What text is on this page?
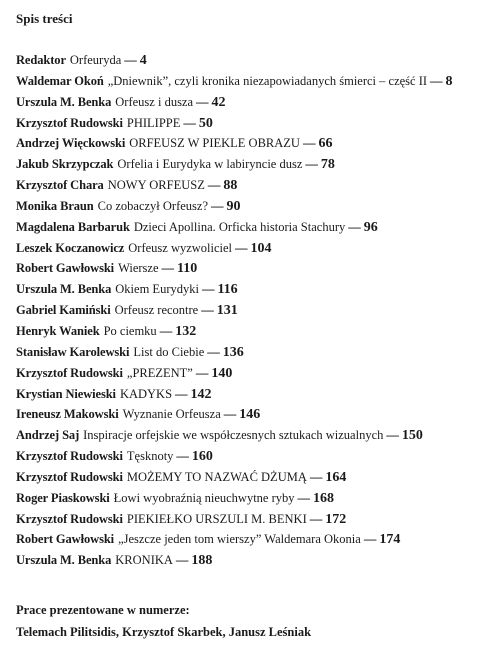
Spis treści
Redaktor Orfeuryda — 4
Waldemar Okoń „Dniewnik”, czyli kronika niezapowiadanych śmierci – część II — 8
Urszula M. Benka Orfeusz i dusza — 42
Krzysztof Rudowski PHILIPPE — 50
Andrzej Więckowski ORFEUSZ W PIEKLE OBRAZU — 66
Jakub Skrzypczak Orfelia i Eurydyka w labiryncie dusz — 78
Krzysztof Chara NOWY ORFEUSZ — 88
Monika Braun Co zobaczył Orfeusz? — 90
Magdalena Barbaruk Dzieci Apollina. Orficka historia Stachury — 96
Leszek Koczanowicz Orfeusz wyzwoliciel — 104
Robert Gawłowski Wiersze — 110
Urszula M. Benka Okiem Eurydyki — 116
Gabriel Kamiński Orfeusz recontre — 131
Henryk Waniek Po ciemku — 132
Stanisław Karolewski List do Ciebie — 136
Krzysztof Rudowski „PREZENT” — 140
Krystian Niewieski KADYKS — 142
Ireneusz Makowski Wyznanie Orfeusza — 146
Andrzej Saj Inspiracje orfejskie we współczesnych sztukach wizualnych — 150
Krzysztof Rudowski Tęsknoty — 160
Krzysztof Rudowski MOŻEMY TO NAZWAĆ DŻUMĄ — 164
Roger Piaskowski Łowi wyobraźnią nieuchwytne ryby — 168
Krzysztof Rudowski PIEKIEŁKO URSZULI M. BENKI — 172
Robert Gawłowski „Jeszcze jeden tom wierszy” Waldemara Okonia — 174
Urszula M. Benka KRONIKA — 188
Prace prezentowane w numerze:
Telemach Pilitsidis, Krzysztof Skarbek, Janusz Leśniak
